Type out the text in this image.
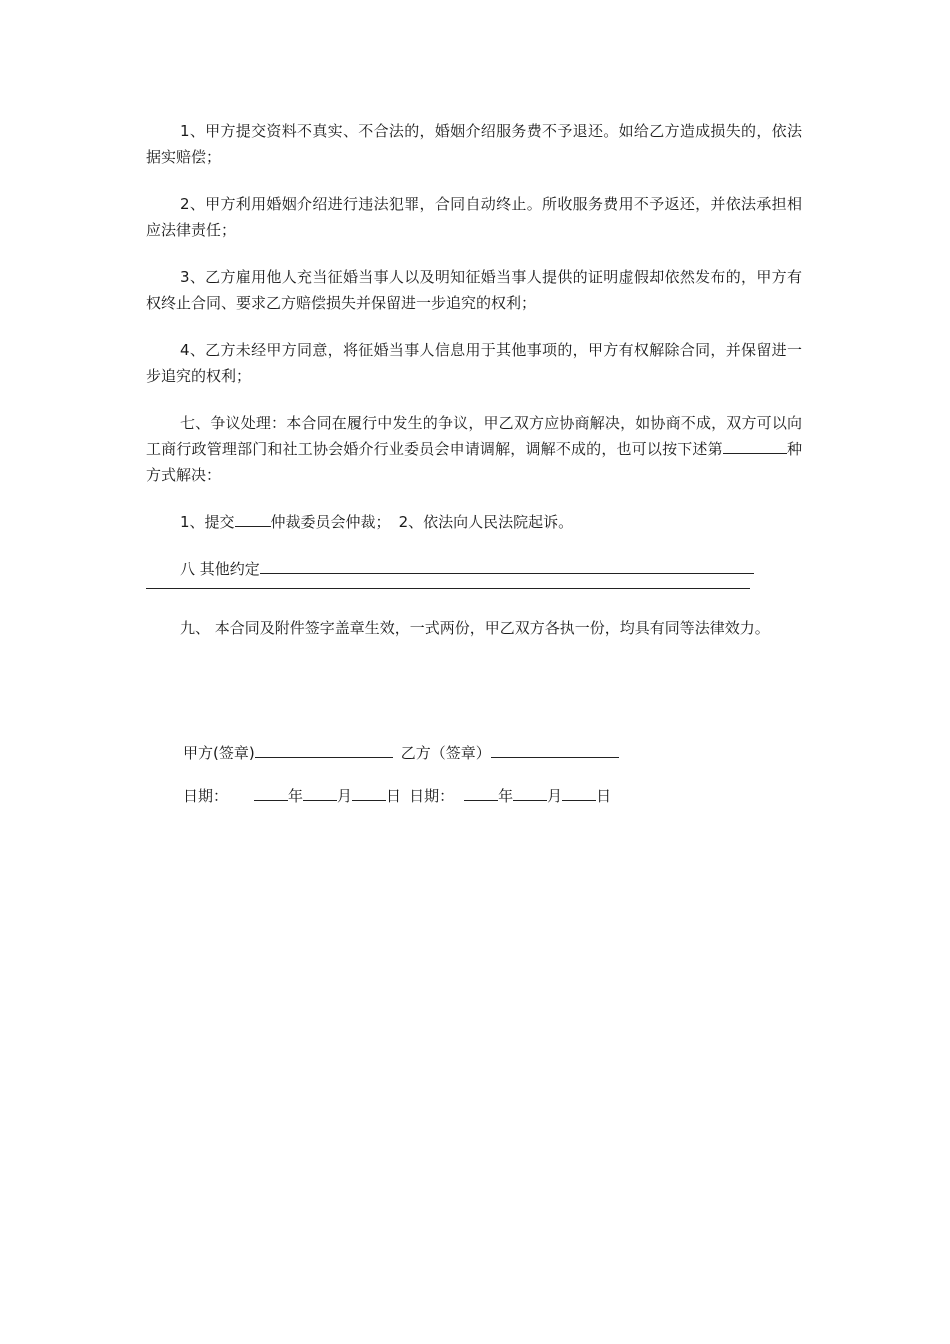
1、甲方提交资料不真实、不合法的，婚姻介绍服务费不予退还。如给乙方造成损失的，依法据实赔偿；

2、甲方利用婚姻介绍进行违法犯罪，合同自动终止。所收服务费用不予返还，并依法承担相应法律责任；

3、乙方雇用他人充当征婚当事人以及明知征婚当事人提供的证明虚假却依然发布的，甲方有权终止合同、要求乙方赔偿损失并保留进一步追究的权利；

4、乙方未经甲方同意，将征婚当事人信息用于其他事项的，甲方有权解除合同，并保留进一步追究的权利；

七、争议处理：本合同在履行中发生的争议，甲乙双方应协商解决，如协商不成，双方可以向工商行政管理部门和社工协会婚介行业委员会申请调解，调解不成的，也可以按下述第	种方式解决：

1、提交 仲裁委员会仲裁； 2、依法向人民法院起诉。

八 其他约定

九、 本合同及附件签字盖章生效，一式两份，甲乙双方各执一份，均具有同等法律效力。

甲方(签章)	乙方（签章）
日期：	年 月 日 日期：	年 月 日
